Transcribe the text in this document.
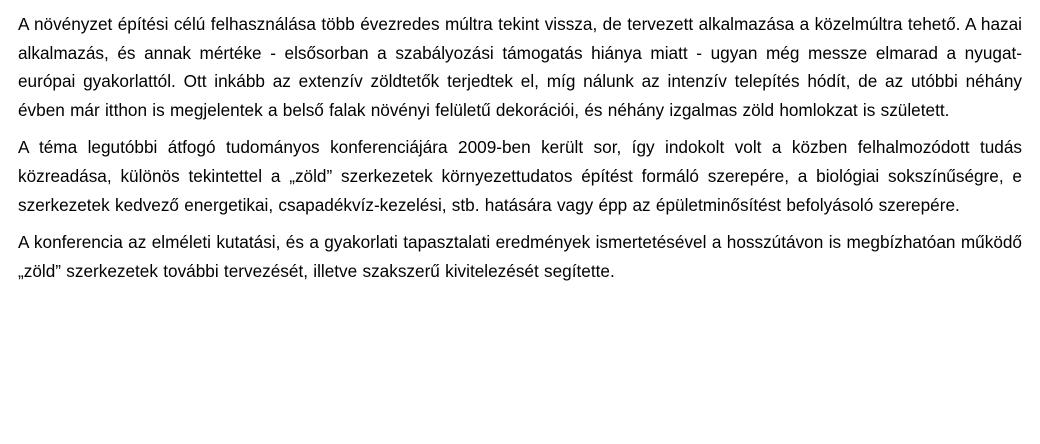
A növényzet építési célú felhasználása több évezredes múltra tekint vissza, de tervezett alkalmazása a közelmúltra tehető. A hazai alkalmazás, és annak mértéke - elsősorban a szabályozási támogatás hiánya miatt - ugyan még messze elmarad a nyugat-európai gyakorlattól. Ott inkább az extenzív zöldtetők terjedtek el, míg nálunk az intenzív telepítés hódít, de az utóbbi néhány évben már itthon is megjelentek a belső falak növényi felületű dekorációi, és néhány izgalmas zöld homlokzat is született.

A téma legutóbbi átfogó tudományos konferenciájára 2009-ben került sor, így indokolt volt a közben felhalmozódott tudás közreadása, különös tekintettel a „zöld” szerkezetek környezettudatos építést formáló szerepére, a biológiai sokszínűségre, e szerkezetek kedvező energetikai, csapadékvíz-kezelési, stb. hatására vagy épp az épületminősítést befolyásoló szerepére.

A konferencia az elméleti kutatási, és a gyakorlati tapasztalati eredmények ismertetésével a hosszútávon is megbízhatóan működő „zöld” szerkezetek további tervezését, illetve szakszerű kivitelezését segítette.
